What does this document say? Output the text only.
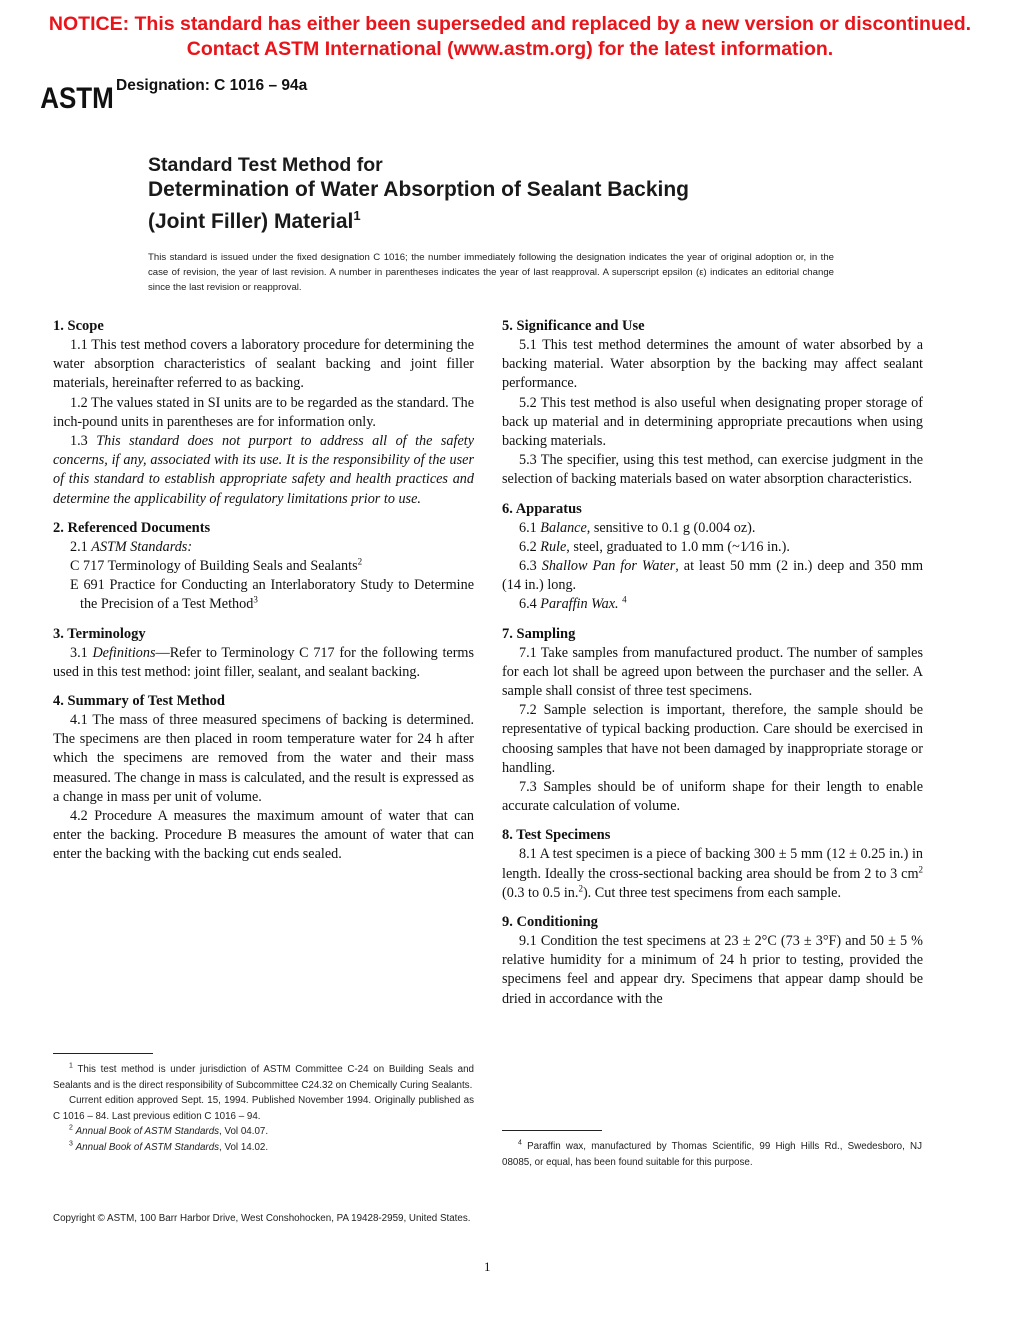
NOTICE: This standard has either been superseded and replaced by a new version or discontinued.
Contact ASTM International (www.astm.org) for the latest information.
ASTM Designation: C 1016 – 94a
Standard Test Method for
Determination of Water Absorption of Sealant Backing
(Joint Filler) Material$^1$
This standard is issued under the fixed designation C 1016; the number immediately following the designation indicates the year of original adoption or, in the case of revision, the year of last revision. A number in parentheses indicates the year of last reapproval. A superscript epsilon (ε) indicates an editorial change since the last revision or reapproval.
1. Scope

1.1 This test method covers a laboratory procedure for determining the water absorption characteristics of sealant backing and joint filler materials, hereinafter referred to as backing.

1.2 The values stated in SI units are to be regarded as the standard. The inch-pound units in parentheses are for information only.

1.3 This standard does not purport to address all of the safety concerns, if any, associated with its use. It is the responsibility of the user of this standard to establish appropriate safety and health practices and determine the applicability of regulatory limitations prior to use.

2. Referenced Documents

2.1 ASTM Standards:

C 717 Terminology of Building Seals and Sealants$^2$

E 691 Practice for Conducting an Interlaboratory Study to Determine the Precision of a Test Method$^3$

3. Terminology

3.1 Definitions—Refer to Terminology C 717 for the following terms used in this test method: joint filler, sealant, and sealant backing.

4. Summary of Test Method

4.1 The mass of three measured specimens of backing is determined. The specimens are then placed in room temperature water for 24 h after which the specimens are removed from the water and their mass measured. The change in mass is calculated, and the result is expressed as a change in mass per unit of volume.

4.2 Procedure A measures the maximum amount of water that can enter the backing. Procedure B measures the amount of water that can enter the backing with the backing cut ends sealed.

5. Significance and Use

5.1 This test method determines the amount of water absorbed by a backing material. Water absorption by the backing may affect sealant performance.

5.2 This test method is also useful when designating proper storage of back up material and in determining appropriate precautions when using backing materials.

5.3 The specifier, using this test method, can exercise judgment in the selection of backing materials based on water absorption characteristics.

6. Apparatus

6.1 Balance, sensitive to 0.1 g (0.004 oz).

6.2 Rule, steel, graduated to 1.0 mm (~1⁄16 in.).

6.3 Shallow Pan for Water, at least 50 mm (2 in.) deep and 350 mm (14 in.) long.

6.4 Paraffin Wax. $^4$

7. Sampling

7.1 Take samples from manufactured product. The number of samples for each lot shall be agreed upon between the purchaser and the seller. A sample shall consist of three test specimens.

7.2 Sample selection is important, therefore, the sample should be representative of typical backing production. Care should be exercised in choosing samples that have not been damaged by inappropriate storage or handling.

7.3 Samples should be of uniform shape for their length to enable accurate calculation of volume.

8. Test Specimens

8.1 A test specimen is a piece of backing 300 ± 5 mm (12 ± 0.25 in.) in length. Ideally the cross-sectional backing area should be from 2 to 3 $cm^2$ (0.3 to 0.5 in.$^2$). Cut three test specimens from each sample.

9. Conditioning

9.1 Condition the test specimens at 23 ± 2°C (73 ± 3°F) and 50 ± 5 % relative humidity for a minimum of 24 h prior to testing, provided the specimens feel and appear dry. Specimens that appear damp should be dried in accordance with the

$^1$ This test method is under jurisdiction of ASTM Committee C-24 on Building Seals and Sealants and is the direct responsibility of Subcommittee C24.32 on Chemically Curing Sealants.

Current edition approved Sept. 15, 1994. Published November 1994. Originally published as C 1016 – 84. Last previous edition C 1016 – 94.

$^2$ Annual Book of ASTM Standards, Vol 04.07.

$^3$ Annual Book of ASTM Standards, Vol 14.02.	$^4$ Paraffin wax, manufactured by Thomas Scientific, 99 High Hills Rd., Swedesboro, NJ 08085, or equal, has been found suitable for this purpose.

Copyright © ASTM, 100 Barr Harbor Drive, West Conshohocken, PA 19428-2959, United States.
1
